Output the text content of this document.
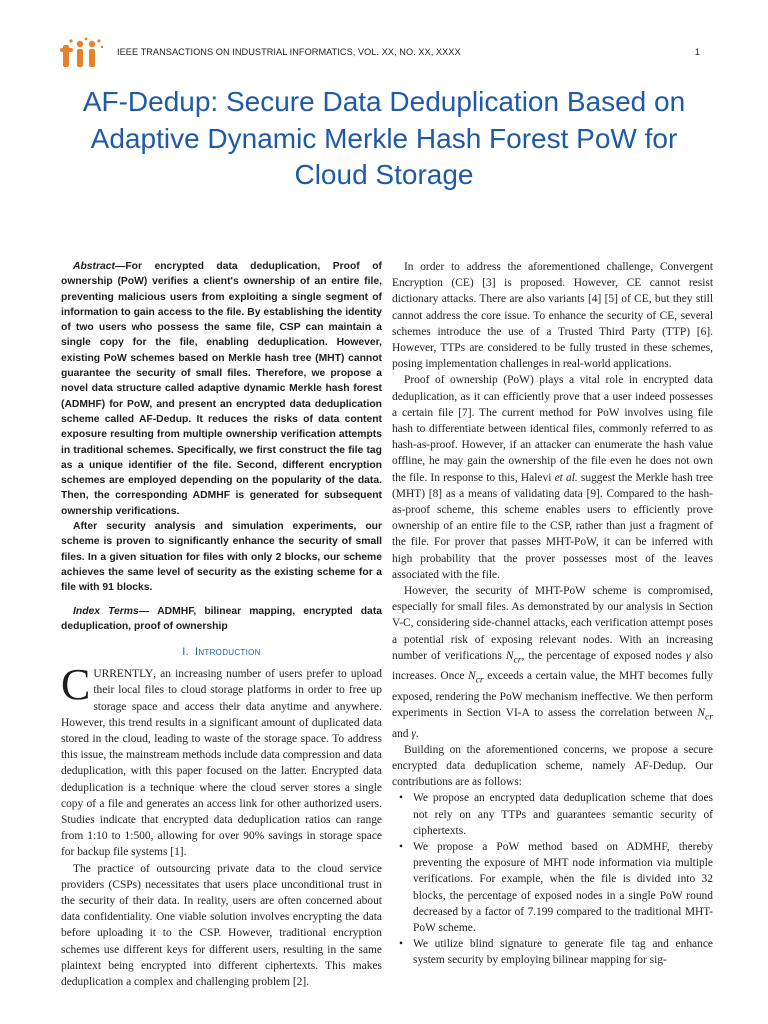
IEEE TRANSACTIONS ON INDUSTRIAL INFORMATICS, VOL. XX, NO. XX, XXXX	1
AF-Dedup: Secure Data Deduplication Based on
Adaptive Dynamic Merkle Hash Forest PoW for
Cloud Storage

Abstract—For encrypted data deduplication, Proof of ownership (PoW) verifies a client's ownership of an entire file, preventing malicious users from exploiting a single segment of information to gain access to the file. By establishing the identity of two users who possess the same file, CSP can maintain a single copy for the file, enabling deduplication. However, existing PoW schemes based on Merkle hash tree (MHT) cannot guarantee the security of small files. Therefore, we propose a novel data structure called adaptive dynamic Merkle hash forest (ADMHF) for PoW, and present an encrypted data deduplication scheme called AF-Dedup. It reduces the risks of data content exposure resulting from multiple ownership verification attempts in traditional schemes. Specifically, we first construct the file tag as a unique identifier of the file. Second, different encryption schemes are employed depending on the popularity of the data. Then, the corresponding ADMHF is generated for subsequent ownership verifications.

After security analysis and simulation experiments, our scheme is proven to significantly enhance the security of small files. In a given situation for files with only 2 blocks, our scheme achieves the same level of security as the existing scheme for a file with 91 blocks.

Index Terms— ADMHF, bilinear mapping, encrypted data deduplication, proof of ownership

I. Introduction

CURRENTLY, an increasing number of users prefer to upload their local files to cloud storage platforms in order to free up storage space and access their data anytime and anywhere. However, this trend results in a significant amount of duplicated data stored in the cloud, leading to waste of the storage space. To address this issue, the mainstream methods include data compression and data deduplication, with this paper focused on the latter. Encrypted data deduplication is a technique where the cloud server stores a single copy of a file and generates an access link for other authorized users. Studies indicate that encrypted data deduplication ratios can range from 1:10 to 1:500, allowing for over 90% savings in storage space for backup file systems [1].

The practice of outsourcing private data to the cloud service providers (CSPs) necessitates that users place unconditional trust in the security of their data. In reality, users are often concerned about data confidentiality. One viable solution involves encrypting the data before uploading it to the CSP. However, traditional encryption schemes use different keys for different users, resulting in the same plaintext being encrypted into different ciphertexts. This makes deduplication a complex and challenging problem [2].

In order to address the aforementioned challenge, Convergent Encryption (CE) [3] is proposed. However, CE cannot resist dictionary attacks. There are also variants [4] [5] of CE, but they still cannot address the core issue. To enhance the security of CE, several schemes introduce the use of a Trusted Third Party (TTP) [6]. However, TTPs are considered to be fully trusted in these schemes, posing implementation challenges in real-world applications.

Proof of ownership (PoW) plays a vital role in encrypted data deduplication, as it can efficiently prove that a user indeed possesses a certain file [7]. The current method for PoW involves using file hash to differentiate between identical files, commonly referred to as hash-as-proof. However, if an attacker can enumerate the hash value offline, he may gain the ownership of the file even he does not own the file. In response to this, Halevi et al. suggest the Merkle hash tree (MHT) [8] as a means of validating data [9]. Compared to the hash-as-proof scheme, this scheme enables users to efficiently prove ownership of an entire file to the CSP, rather than just a fragment of the file. For prover that passes MHT-PoW, it can be inferred with high probability that the prover possesses most of the leaves associated with the file.

However, the security of MHT-PoW scheme is compromised, especially for small files. As demonstrated by our analysis in Section V-C, considering side-channel attacks, each verification attempt poses a potential risk of exposing relevant nodes. With an increasing number of verifications $N_{cr}$, the percentage of exposed nodes γ also increases. Once $N_{cr}$ exceeds a certain value, the MHT becomes fully exposed, rendering the PoW mechanism ineffective. We then perform experiments in Section VI-A to assess the correlation between $N_{cr}$ and γ.

Building on the aforementioned concerns, we propose a secure encrypted data deduplication scheme, namely AF-Dedup. Our contributions are as follows:

• We propose an encrypted data deduplication scheme that does not rely on any TTPs and guarantees semantic security of ciphertexts.
• We propose a PoW method based on ADMHF, thereby preventing the exposure of MHT node information via multiple verifications. For example, when the file is divided into 32 blocks, the percentage of exposed nodes in a single PoW round decreased by a factor of 7.199 compared to the traditional MHT-PoW scheme.
• We utilize blind signature to generate file tag and enhance system security by employing bilinear mapping for sig-
